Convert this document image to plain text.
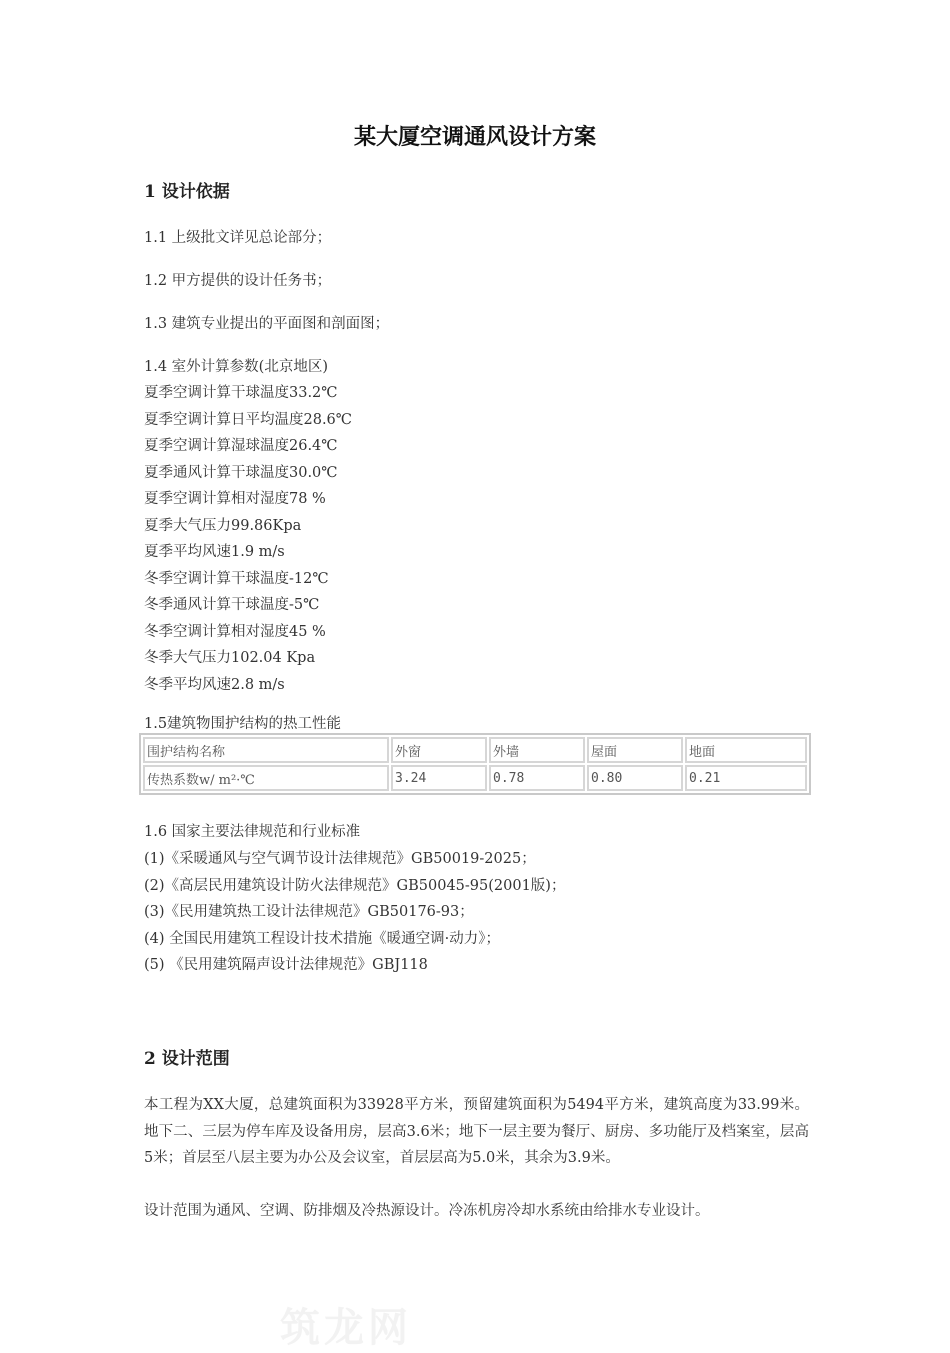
某大厦空调通风设计方案
1 设计依据
1.1 上级批文详见总论部分；
1.2 甲方提供的设计任务书；
1.3 建筑专业提出的平面图和剖面图；
1.4 室外计算参数(北京地区)
夏季空调计算干球温度33.2℃
夏季空调计算日平均温度28.6℃
夏季空调计算湿球温度26.4℃
夏季通风计算干球温度30.0℃
夏季空调计算相对湿度78 %
夏季大气压力99.86Kpa
夏季平均风速1.9 m/s
冬季空调计算干球温度-12℃
冬季通风计算干球温度-5℃
冬季空调计算相对湿度45 %
冬季大气压力102.04 Kpa
冬季平均风速2.8 m/s
1.5建筑物围护结构的热工性能
围护结构名称	外窗	外墙	屋面	地面
传热系数w/ m²·℃	3.24	0.78	0.80	0.21
1.6 国家主要法律规范和行业标准
(1)《采暖通风与空气调节设计法律规范》GB50019-2025；
(2)《高层民用建筑设计防火法律规范》GB50045-95(2001版)；
(3)《民用建筑热工设计法律规范》GB50176-93；
(4) 全国民用建筑工程设计技术措施《暖通空调·动力》；
(5) 《民用建筑隔声设计法律规范》GBJ118
2 设计范围
本工程为XX大厦，总建筑面积为33928平方米，预留建筑面积为5494平方米，建筑高度为33.99米。地下二、三层为停车库及设备用房，层高3.6米；地下一层主要为餐厅、厨房、多功能厅及档案室，层高5米；首层至八层主要为办公及会议室，首层层高为5.0米，其余为3.9米。
设计范围为通风、空调、防排烟及冷热源设计。冷冻机房冷却水系统由给排水专业设计。
筑龙网
